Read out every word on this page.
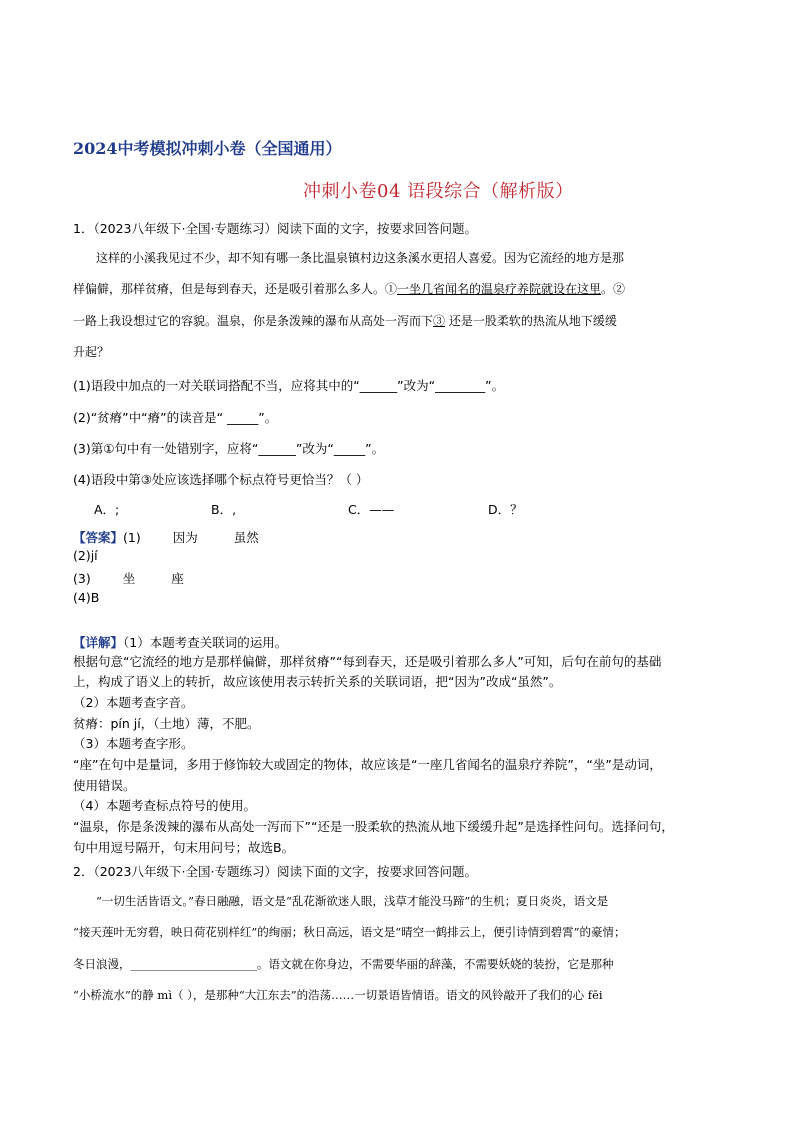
2024中考模拟冲刺小卷（全国通用）
冲刺小卷04 语段综合（解析版）
1．（2023八年级下·全国·专题练习）阅读下面的文字，按要求回答问题。
这样的小溪我见过不少，却不知有哪一条比温泉镇村边这条溪水更招人喜爱。因为它流经的地方是那
样偏僻，那样贫瘠，但是每到春天，还是吸引着那么多人。①一坐几省闻名的温泉疗养院就设在这里。②
一路上我设想过它的容貌。温泉，你是条泼辣的瀑布从高处一泻而下③ 还是一股柔软的热流从地下缓缓
升起？
(1)语段中加点的一对关联词搭配不当，应将其中的“______”改为“________”。
(2)“贫瘠”中“瘠”的读音是“ _____”。
(3)第①句中有一处错别字，应将“______”改为“_____”。
(4)语段中第③处应该选择哪个标点符号更恰当？（ ）
A．;	B．,	C．——	D．？
【答案】(1)	因为	虽然
(2)jí
(3)	坐	座
(4)B
【详解】（1）本题考查关联词的运用。
根据句意“它流经的地方是那样偏僻，那样贫瘠”“每到春天，还是吸引着那么多人”可知，后句在前句的基础
上，构成了语义上的转折，故应该使用表示转折关系的关联词语，把“因为”改成“虽然”。
（2）本题考查字音。
贫瘠：pín jí，（土地）薄，不肥。
（3）本题考查字形。
“座”在句中是量词，多用于修饰较大或固定的物体，故应该是“一座几省闻名的温泉疗养院”，“坐”是动词，
使用错误。
（4）本题考查标点符号的使用。
“温泉，你是条泼辣的瀑布从高处一泻而下”“还是一股柔软的热流从地下缓缓升起”是选择性问句。选择问句，
句中用逗号隔开，句末用问号；故选B。
2．（2023八年级下·全国·专题练习）阅读下面的文字，按要求回答问题。
“一切生活皆语文。”春日融融，语文是“乱花渐欲迷人眼，浅草才能没马蹄”的生机；夏日炎炎，语文是
“接天莲叶无穷碧，映日荷花别样红”的绚丽；秋日高远，语文是“晴空一鹤排云上，便引诗情到碧霄”的豪情；
冬日浪漫，______________________。语文就在你身边，不需要华丽的辞藻，不需要妖娆的装扮，它是那种
“小桥流水”的静 mì（ ），是那种“大江东去”的浩荡……一切景语皆情语。语文的风铃敲开了我们的心 fēi
